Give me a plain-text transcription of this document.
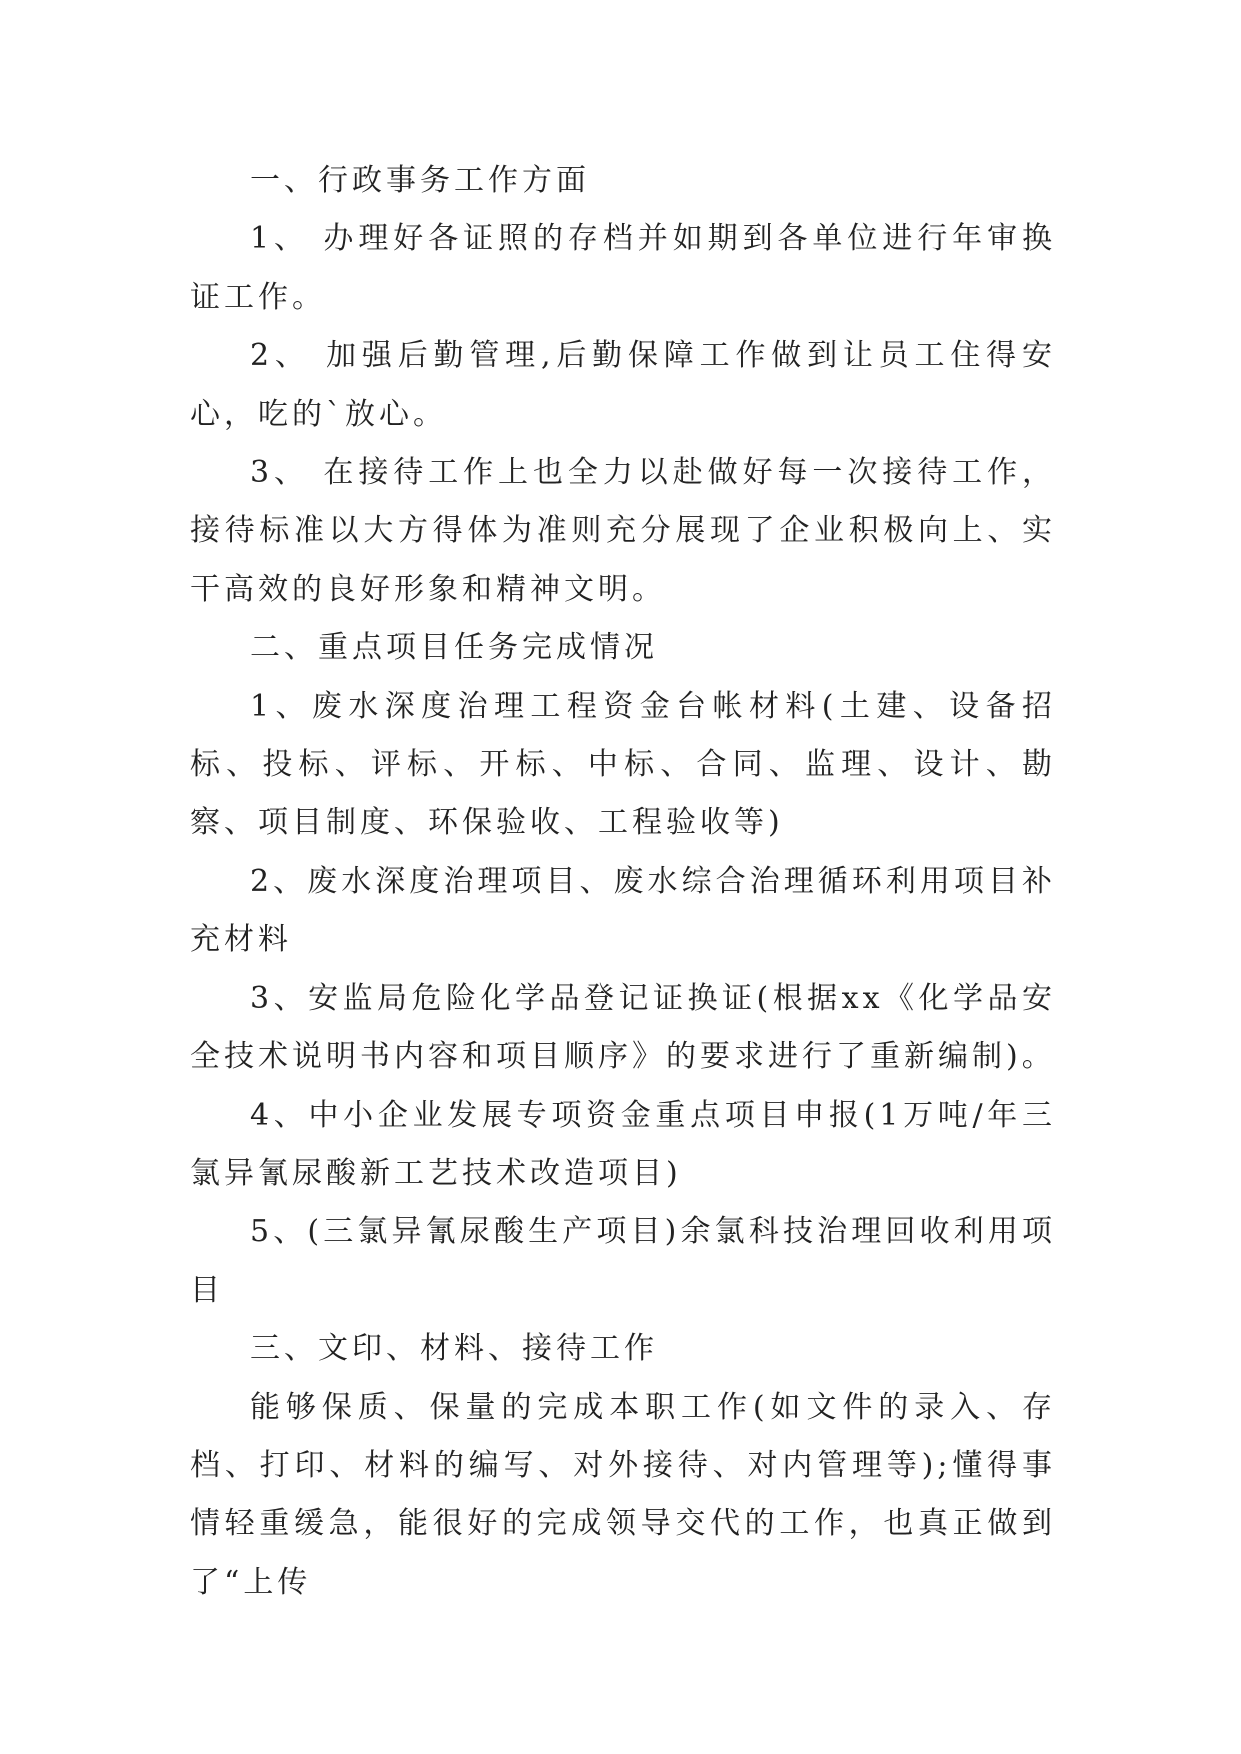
一、行政事务工作方面

1、 办理好各证照的存档并如期到各单位进行年审换证工作。

2、 加强后勤管理,后勤保障工作做到让员工住得安心，吃的`放心。

3、 在接待工作上也全力以赴做好每一次接待工作，接待标准以大方得体为准则充分展现了企业积极向上、实干高效的良好形象和精神文明。

二、重点项目任务完成情况

1、废水深度治理工程资金台帐材料(土建、设备招标、投标、评标、开标、中标、合同、监理、设计、勘察、项目制度、环保验收、工程验收等)

2、废水深度治理项目、废水综合治理循环利用项目补充材料

3、安监局危险化学品登记证换证(根据xx《化学品安全技术说明书内容和项目顺序》的要求进行了重新编制)。

4、中小企业发展专项资金重点项目申报(1万吨/年三氯异氰尿酸新工艺技术改造项目)

5、(三氯异氰尿酸生产项目)余氯科技治理回收利用项目

三、文印、材料、接待工作

能够保质、保量的完成本职工作(如文件的录入、存档、打印、材料的编写、对外接待、对内管理等);懂得事情轻重缓急，能很好的完成领导交代的工作，也真正做到了“上传
